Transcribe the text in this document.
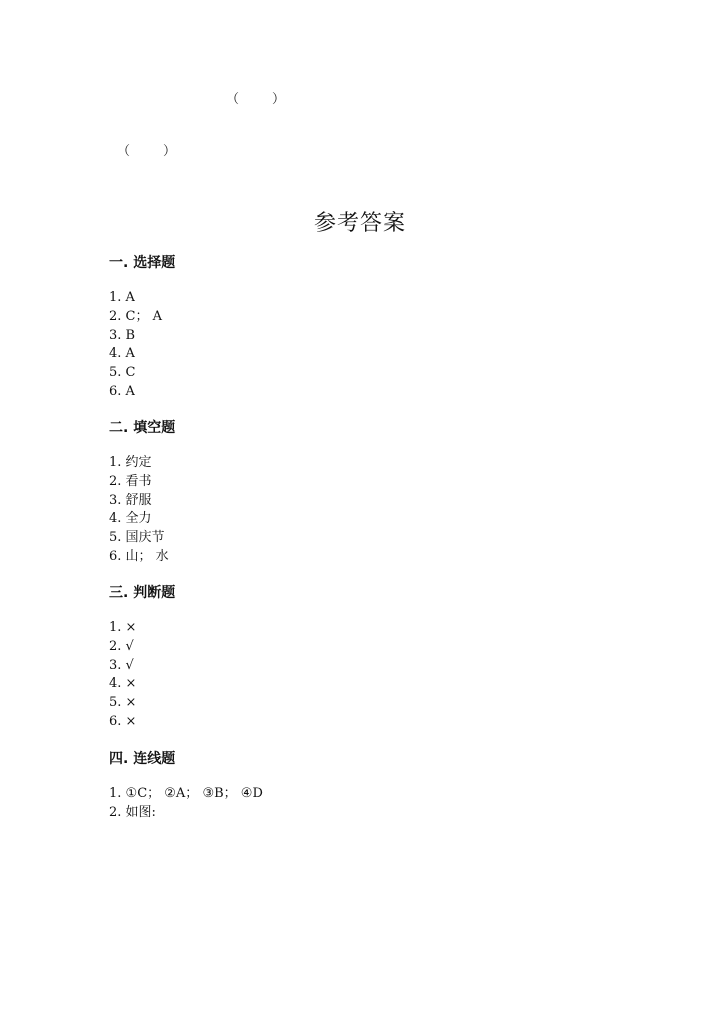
（        ）
（        ）
参考答案
一. 选择题
1. A
2. C； A
3. B
4. A
5. C
6. A
二. 填空题
1. 约定
2. 看书
3. 舒服
4. 全力
5. 国庆节
6. 山； 水
三. 判断题
1. ×
2. √
3. √
4. ×
5. ×
6. ×
四. 连线题
1. ①C； ②A； ③B； ④D
2. 如图:
